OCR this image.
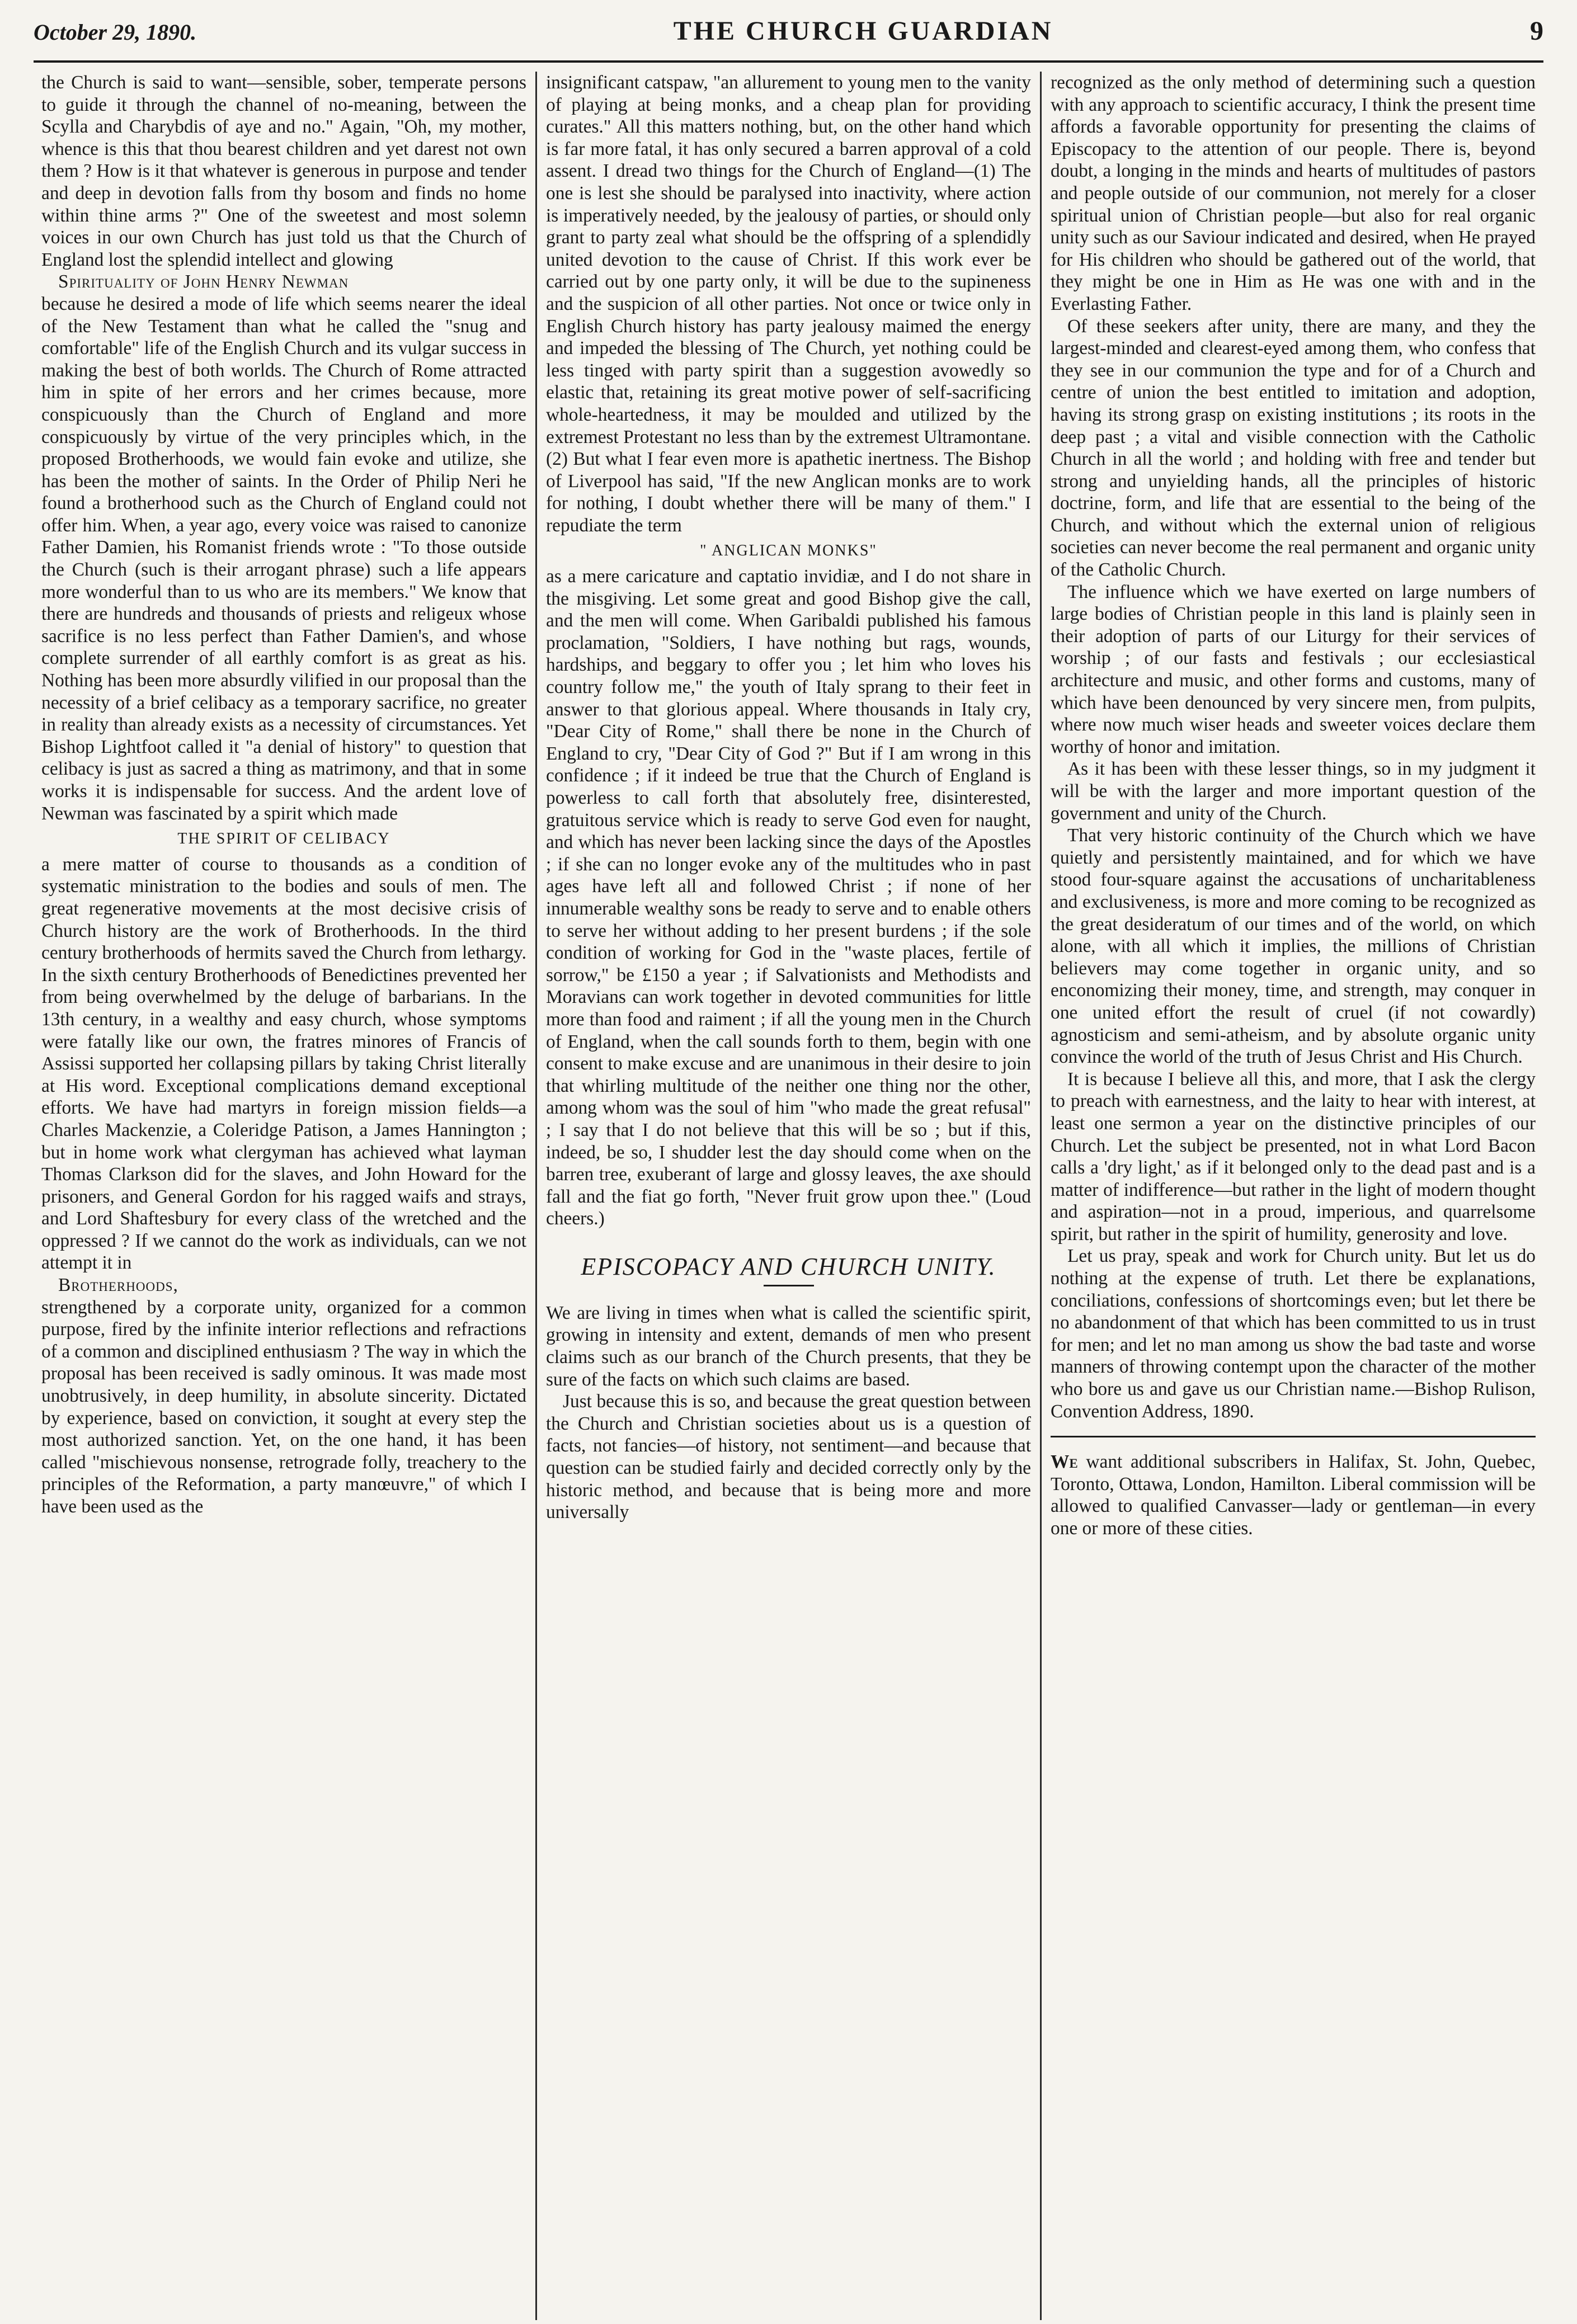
October 29, 1890.	THE CHURCH GUARDIAN	9

the Church is said to want—sensible, sober, temperate persons to guide it through the channel of no-meaning, between the Scylla and Charybdis of aye and no." Again, "Oh, my mother, whence is this that thou bearest children and yet darest not own them ? How is it that whatever is generous in purpose and tender and deep in devotion falls from thy bosom and finds no home within thine arms ?" One of the sweetest and most solemn voices in our own Church has just told us that the Church of England lost the splendid intellect and glowing

Spirituality of John Henry Newman

because he desired a mode of life which seems nearer the ideal of the New Testament than what he called the "snug and comfortable" life of the English Church and its vulgar success in making the best of both worlds. The Church of Rome attracted him in spite of her errors and her crimes because, more conspicuously than the Church of England and more conspicuously by virtue of the very principles which, in the proposed Brotherhoods, we would fain evoke and utilize, she has been the mother of saints. In the Order of Philip Neri he found a brotherhood such as the Church of England could not offer him. When, a year ago, every voice was raised to canonize Father Damien, his Romanist friends wrote : "To those outside the Church (such is their arrogant phrase) such a life appears more wonderful than to us who are its members." We know that there are hundreds and thousands of priests and religeux whose sacrifice is no less perfect than Father Damien's, and whose complete surrender of all earthly comfort is as great as his. Nothing has been more absurdly vilified in our proposal than the necessity of a brief celibacy as a temporary sacrifice, no greater in reality than already exists as a necessity of circumstances. Yet Bishop Lightfoot called it "a denial of history" to question that celibacy is just as sacred a thing as matrimony, and that in some works it is indispensable for success. And the ardent love of Newman was fascinated by a spirit which made

THE SPIRIT OF CELIBACY

a mere matter of course to thousands as a condition of systematic ministration to the bodies and souls of men. The great regenerative movements at the most decisive crisis of Church history are the work of Brotherhoods. In the third century brotherhoods of hermits saved the Church from lethargy. In the sixth century Brotherhoods of Benedictines prevented her from being overwhelmed by the deluge of barbarians. In the 13th century, in a wealthy and easy church, whose symptoms were fatally like our own, the fratres minores of Francis of Assissi supported her collapsing pillars by taking Christ literally at His word. Exceptional complications demand exceptional efforts. We have had martyrs in foreign mission fields—a Charles Mackenzie, a Coleridge Patison, a James Hannington ; but in home work what clergyman has achieved what layman Thomas Clarkson did for the slaves, and John Howard for the prisoners, and General Gordon for his ragged waifs and strays, and Lord Shaftesbury for every class of the wretched and the oppressed ? If we cannot do the work as individuals, can we not attempt it in

Brotherhoods,

strengthened by a corporate unity, organized for a common purpose, fired by the infinite interior reflections and refractions of a common and disciplined enthusiasm ? The way in which the proposal has been received is sadly ominous. It was made most unobtrusively, in deep humility, in absolute sincerity. Dictated by experience, based on conviction, it sought at every step the most authorized sanction. Yet, on the one hand, it has been called "mischievous nonsense, retrograde folly, treachery to the principles of the Reformation, a party manœuvre," of which I have been used as the

insignificant catspaw, "an allurement to young men to the vanity of playing at being monks, and a cheap plan for providing curates." All this matters nothing, but, on the other hand which is far more fatal, it has only secured a barren approval of a cold assent. I dread two things for the Church of England—(1) The one is lest she should be paralysed into inactivity, where action is imperatively needed, by the jealousy of parties, or should only grant to party zeal what should be the offspring of a splendidly united devotion to the cause of Christ. If this work ever be carried out by one party only, it will be due to the supineness and the suspicion of all other parties. Not once or twice only in English Church history has party jealousy maimed the energy and impeded the blessing of The Church, yet nothing could be less tinged with party spirit than a suggestion avowedly so elastic that, retaining its great motive power of self-sacrificing whole-heartedness, it may be moulded and utilized by the extremest Protestant no less than by the extremest Ultramontane. (2) But what I fear even more is apathetic inertness. The Bishop of Liverpool has said, "If the new Anglican monks are to work for nothing, I doubt whether there will be many of them." I repudiate the term

" ANGLICAN MONKS"

as a mere caricature and captatio invidiæ, and I do not share in the misgiving. Let some great and good Bishop give the call, and the men will come. When Garibaldi published his famous proclamation, "Soldiers, I have nothing but rags, wounds, hardships, and beggary to offer you ; let him who loves his country follow me," the youth of Italy sprang to their feet in answer to that glorious appeal. Where thousands in Italy cry, "Dear City of Rome," shall there be none in the Church of England to cry, "Dear City of God ?" But if I am wrong in this confidence ; if it indeed be true that the Church of England is powerless to call forth that absolutely free, disinterested, gratuitous service which is ready to serve God even for naught, and which has never been lacking since the days of the Apostles ; if she can no longer evoke any of the multitudes who in past ages have left all and followed Christ ; if none of her innumerable wealthy sons be ready to serve and to enable others to serve her without adding to her present burdens ; if the sole condition of working for God in the "waste places, fertile of sorrow," be £150 a year ; if Salvationists and Methodists and Moravians can work together in devoted communities for little more than food and raiment ; if all the young men in the Church of England, when the call sounds forth to them, begin with one consent to make excuse and are unanimous in their desire to join that whirling multitude of the neither one thing nor the other, among whom was the soul of him "who made the great refusal" ; I say that I do not believe that this will be so ; but if this, indeed, be so, I shudder lest the day should come when on the barren tree, exuberant of large and glossy leaves, the axe should fall and the fiat go forth, "Never fruit grow upon thee." (Loud cheers.)

EPISCOPACY AND CHURCH UNITY.

We are living in times when what is called the scientific spirit, growing in intensity and extent, demands of men who present claims such as our branch of the Church presents, that they be sure of the facts on which such claims are based.

Just because this is so, and because the great question between the Church and Christian societies about us is a question of facts, not fancies—of history, not sentiment—and because that question can be studied fairly and decided correctly only by the historic method, and because that is being more and more universally

recognized as the only method of determining such a question with any approach to scientific accuracy, I think the present time affords a favorable opportunity for presenting the claims of Episcopacy to the attention of our people. There is, beyond doubt, a longing in the minds and hearts of multitudes of pastors and people outside of our communion, not merely for a closer spiritual union of Christian people—but also for real organic unity such as our Saviour indicated and desired, when He prayed for His children who should be gathered out of the world, that they might be one in Him as He was one with and in the Everlasting Father.

Of these seekers after unity, there are many, and they the largest-minded and clearest-eyed among them, who confess that they see in our communion the type and for of a Church and centre of union the best entitled to imitation and adoption, having its strong grasp on existing institutions ; its roots in the deep past ; a vital and visible connection with the Catholic Church in all the world ; and holding with free and tender but strong and unyielding hands, all the principles of historic doctrine, form, and life that are essential to the being of the Church, and without which the external union of religious societies can never become the real permanent and organic unity of the Catholic Church.

The influence which we have exerted on large numbers of large bodies of Christian people in this land is plainly seen in their adoption of parts of our Liturgy for their services of worship ; of our fasts and festivals ; our ecclesiastical architecture and music, and other forms and customs, many of which have been denounced by very sincere men, from pulpits, where now much wiser heads and sweeter voices declare them worthy of honor and imitation.

As it has been with these lesser things, so in my judgment it will be with the larger and more important question of the government and unity of the Church.

That very historic continuity of the Church which we have quietly and persistently maintained, and for which we have stood four-square against the accusations of uncharitableness and exclusiveness, is more and more coming to be recognized as the great desideratum of our times and of the world, on which alone, with all which it implies, the millions of Christian believers may come together in organic unity, and so enconomizing their money, time, and strength, may conquer in one united effort the result of cruel (if not cowardly) agnosticism and semi-atheism, and by absolute organic unity convince the world of the truth of Jesus Christ and His Church.

It is because I believe all this, and more, that I ask the clergy to preach with earnestness, and the laity to hear with interest, at least one sermon a year on the distinctive principles of our Church. Let the subject be presented, not in what Lord Bacon calls a 'dry light,' as if it belonged only to the dead past and is a matter of indifference—but rather in the light of modern thought and aspiration—not in a proud, imperious, and quarrelsome spirit, but rather in the spirit of humility, generosity and love.

Let us pray, speak and work for Church unity. But let us do nothing at the expense of truth. Let there be explanations, conciliations, confessions of shortcomings even; but let there be no abandonment of that which has been committed to us in trust for men; and let no man among us show the bad taste and worse manners of throwing contempt upon the character of the mother who bore us and gave us our Christian name.—Bishop Rulison, Convention Address, 1890.

We want additional subscribers in Halifax, St. John, Quebec, Toronto, Ottawa, London, Hamilton. Liberal commission will be allowed to qualified Canvasser—lady or gentleman—in every one or more of these cities.
